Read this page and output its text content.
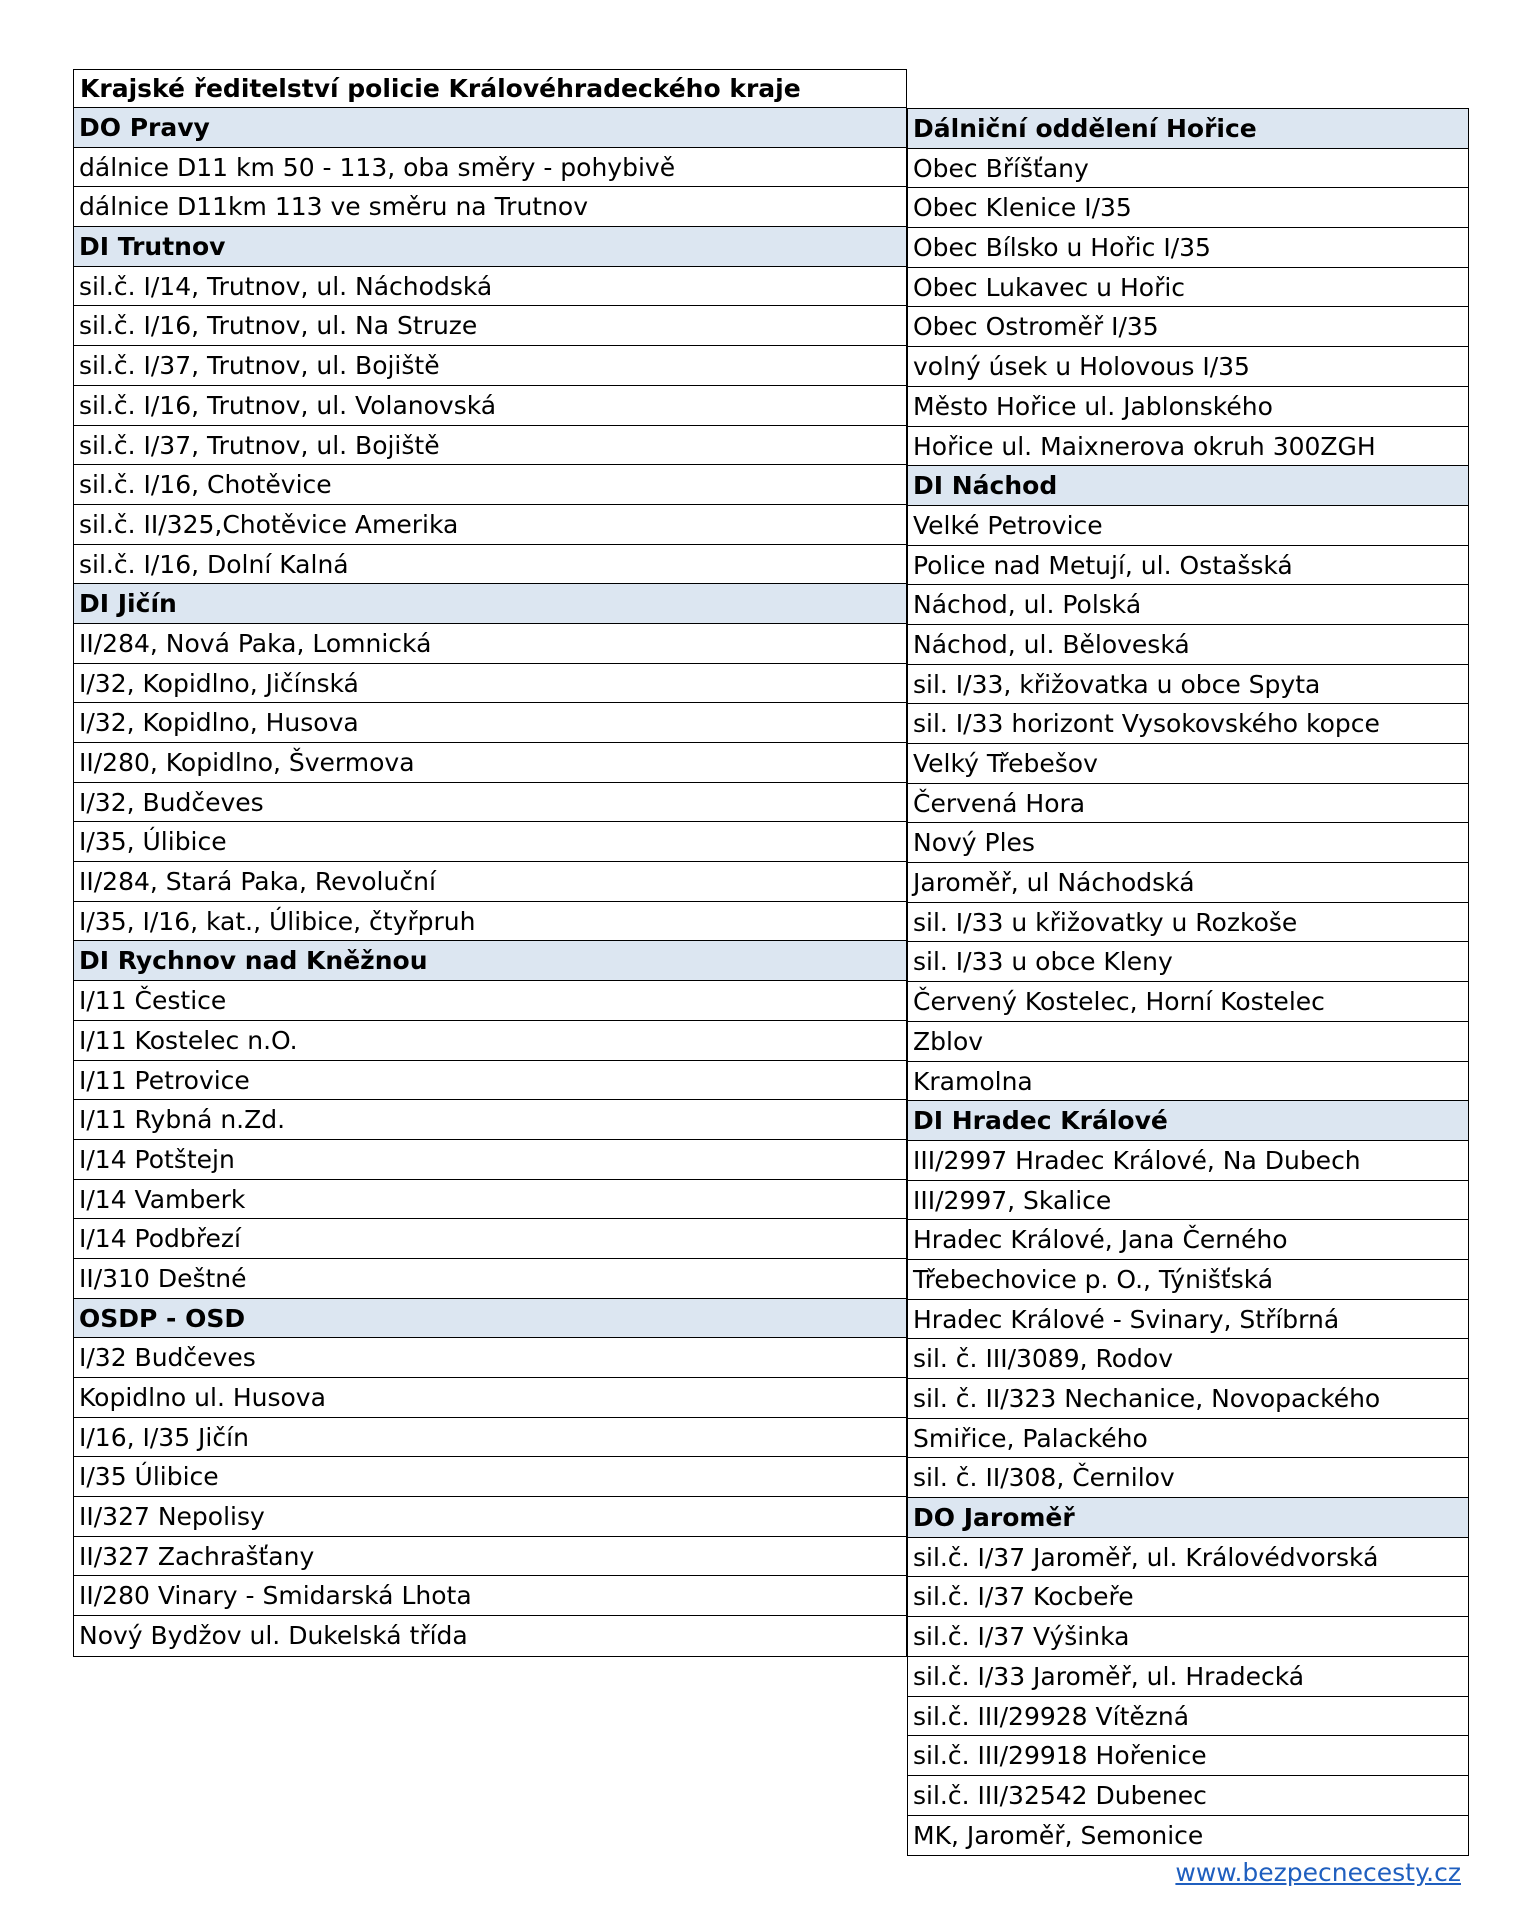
Krajské ředitelství policie Královéhradeckého kraje
DO Pravy
dálnice D11 km 50 - 113, oba směry - pohybivě
dálnice D11km 113 ve směru na Trutnov
DI Trutnov
sil.č. I/14, Trutnov, ul. Náchodská
sil.č. I/16, Trutnov, ul. Na Struze
sil.č. I/37, Trutnov, ul. Bojiště
sil.č. I/16, Trutnov, ul. Volanovská
sil.č. I/37, Trutnov, ul. Bojiště
sil.č. I/16, Chotěvice
sil.č. II/325,Chotěvice Amerika
sil.č. I/16, Dolní Kalná
DI Jičín
II/284, Nová Paka, Lomnická
I/32, Kopidlno, Jičínská
I/32, Kopidlno, Husova
II/280, Kopidlno, Švermova
I/32, Budčeves
I/35, Úlibice
II/284, Stará Paka, Revoluční
I/35, I/16, kat., Úlibice, čtyřpruh
DI Rychnov nad Kněžnou
I/11 Čestice
I/11 Kostelec n.O.
I/11 Petrovice
I/11 Rybná n.Zd.
I/14 Potštejn
I/14 Vamberk
I/14 Podbřezí
II/310 Deštné
OSDP - OSD
I/32 Budčeves
Kopidlno ul. Husova
I/16, I/35 Jičín
I/35 Úlibice
II/327 Nepolisy
II/327 Zachrašťany
II/280 Vinary - Smidarská Lhota
Nový Bydžov ul. Dukelská třída
Dálniční oddělení Hořice
Obec Bříšťany
Obec Klenice I/35
Obec Bílsko u Hořic I/35
Obec Lukavec u Hořic
Obec Ostroměř I/35
volný úsek u Holovous I/35
Město Hořice ul. Jablonského
Hořice ul. Maixnerova okruh 300ZGH
DI Náchod
Velké Petrovice
Police nad Metují, ul. Ostašská
Náchod, ul. Polská
Náchod, ul. Běloveská
sil. I/33, křižovatka u obce Spyta
sil. I/33 horizont Vysokovského kopce
Velký Třebešov
Červená Hora
Nový Ples
Jaroměř, ul Náchodská
sil. I/33 u křižovatky u Rozkoše
sil. I/33 u obce Kleny
Červený Kostelec, Horní Kostelec
Zblov
Kramolna
DI Hradec Králové
III/2997 Hradec Králové, Na Dubech
III/2997, Skalice
Hradec Králové, Jana Černého
Třebechovice p. O., Týnišťská
Hradec Králové - Svinary, Stříbrná
sil. č. III/3089, Rodov
sil. č. II/323 Nechanice, Novopackého
Smiřice, Palackého
sil. č. II/308, Černilov
DO Jaroměř
sil.č. I/37 Jaroměř, ul. Královédvorská
sil.č. I/37 Kocbeře
sil.č. I/37 Výšinka
sil.č. I/33 Jaroměř, ul. Hradecká
sil.č. III/29928 Vítězná
sil.č. III/29918 Hořenice
sil.č. III/32542 Dubenec
MK, Jaroměř, Semonice
www.bezpecnecesty.cz
